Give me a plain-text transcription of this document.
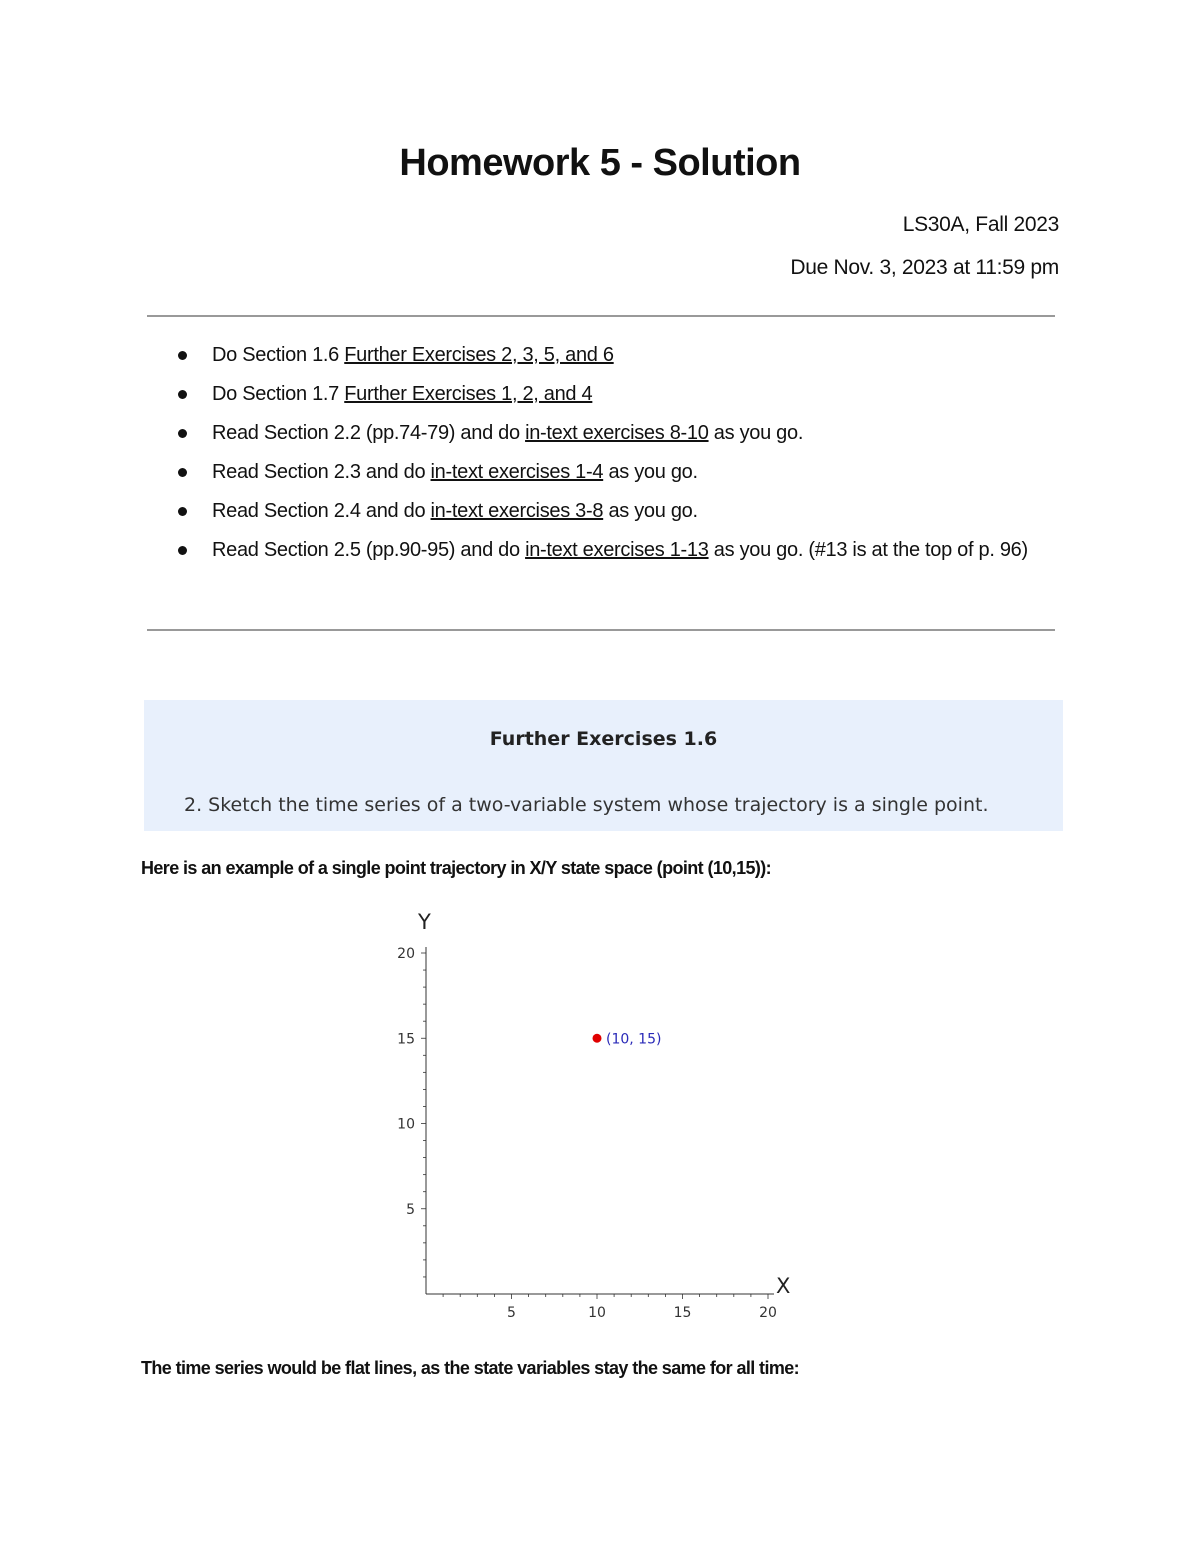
Homework 5 - Solution
LS30A, Fall 2023
Due Nov. 3, 2023 at 11:59 pm
Do Section 1.6 Further Exercises 2, 3, 5, and 6
Do Section 1.7 Further Exercises 1, 2, and 4
Read Section 2.2 (pp.74-79) and do in-text exercises 8-10 as you go.
Read Section 2.3 and do in-text exercises 1-4 as you go.
Read Section 2.4 and do in-text exercises 3-8 as you go.
Read Section 2.5 (pp.90-95) and do in-text exercises 1-13 as you go. (#13 is at the top of p. 96)
Further Exercises 1.6
2. Sketch the time series of a two-variable system whose trajectory is a single point.
Here is an example of a single point trajectory in X/Y state space (point (10,15)):
X
Y
5	10	15	20
5
10
15
20
(10, 15)
The time series would be flat lines, as the state variables stay the same for all time:
